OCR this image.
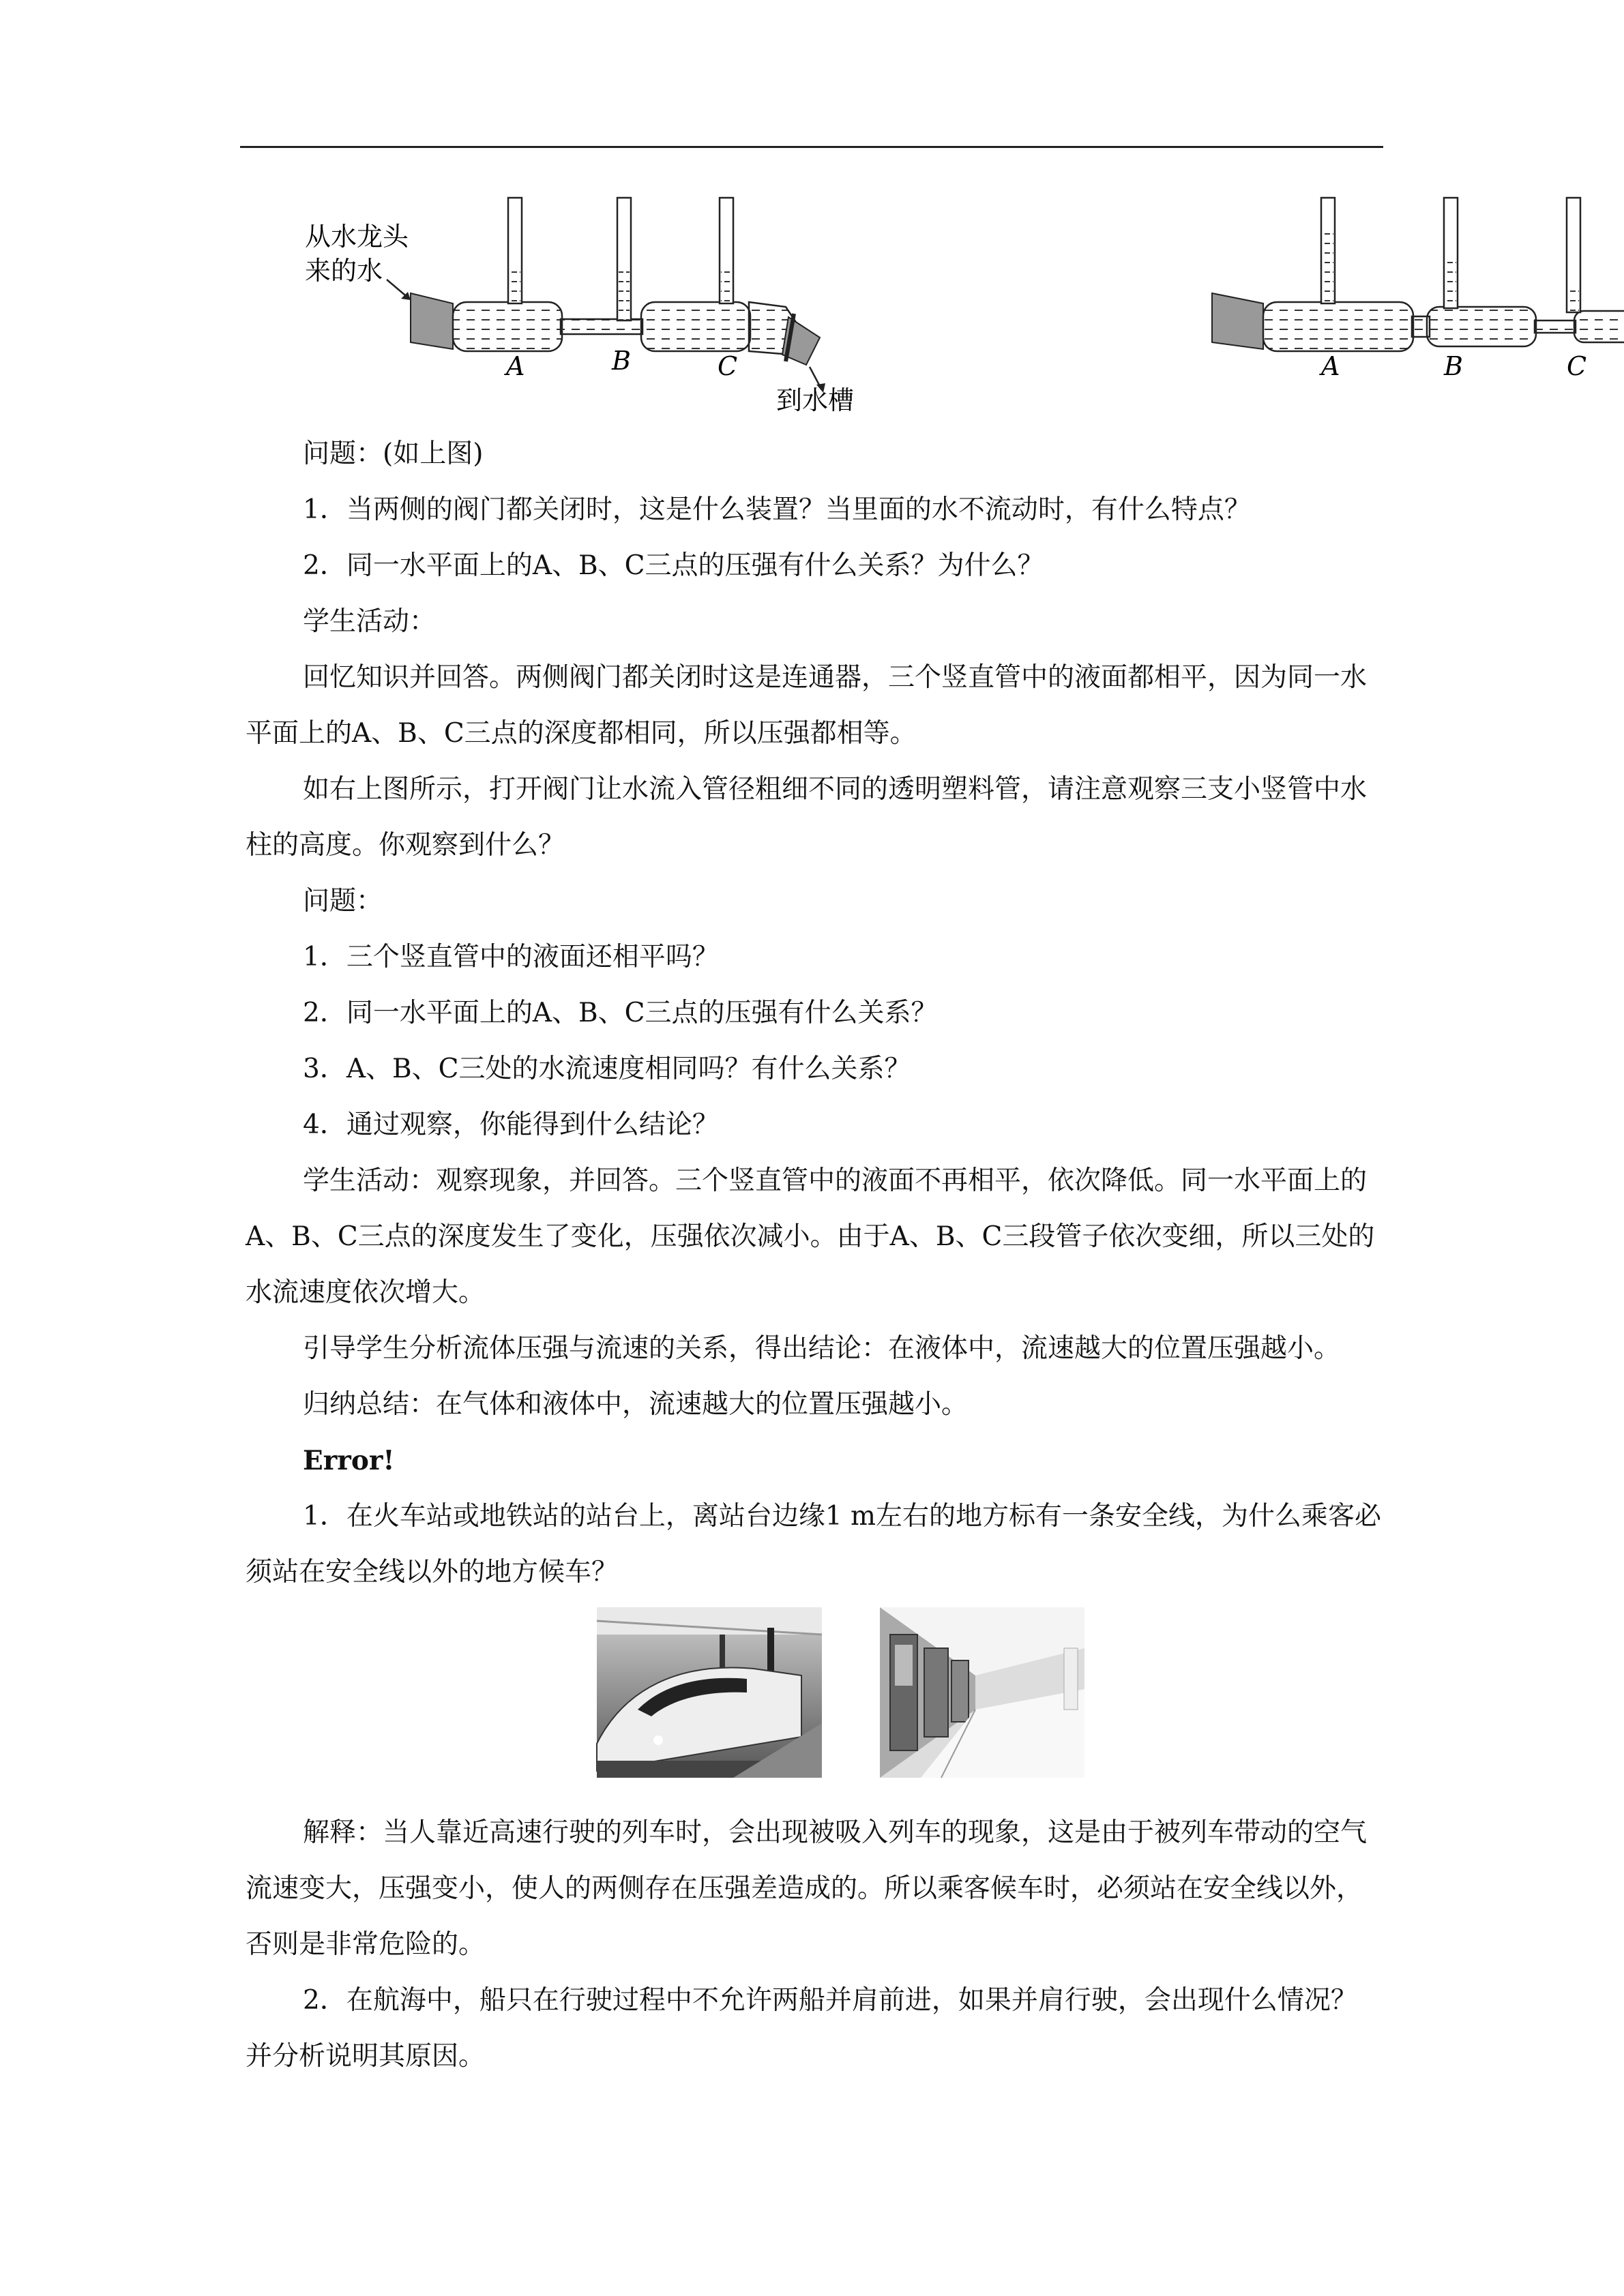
从水龙头
来的水
到水槽
A	B	C	A	B	C

问题：(如上图)

1．当两侧的阀门都关闭时，这是什么装置？当里面的水不流动时，有什么特点？

2．同一水平面上的A、B、C三点的压强有什么关系？为什么？

学生活动：

回忆知识并回答。两侧阀门都关闭时这是连通器，三个竖直管中的液面都相平，因为同一水平面上的A、B、C三点的深度都相同，所以压强都相等。

如右上图所示，打开阀门让水流入管径粗细不同的透明塑料管，请注意观察三支小竖管中水柱的高度。你观察到什么？

问题：

1．三个竖直管中的液面还相平吗？

2．同一水平面上的A、B、C三点的压强有什么关系？

3．A、B、C三处的水流速度相同吗？有什么关系？

4．通过观察，你能得到什么结论？

学生活动：观察现象，并回答。三个竖直管中的液面不再相平，依次降低。同一水平面上的A、B、C三点的深度发生了变化，压强依次减小。由于A、B、C三段管子依次变细，所以三处的水流速度依次增大。

引导学生分析流体压强与流速的关系，得出结论：在液体中，流速越大的位置压强越小。

归纳总结：在气体和液体中，流速越大的位置压强越小。

Error!

1．在火车站或地铁站的站台上，离站台边缘1 m左右的地方标有一条安全线，为什么乘客必须站在安全线以外的地方候车？

解释：当人靠近高速行驶的列车时，会出现被吸入列车的现象，这是由于被列车带动的空气流速变大，压强变小，使人的两侧存在压强差造成的。所以乘客候车时，必须站在安全线以外，否则是非常危险的。

2．在航海中，船只在行驶过程中不允许两船并肩前进，如果并肩行驶，会出现什么情况？并分析说明其原因。
